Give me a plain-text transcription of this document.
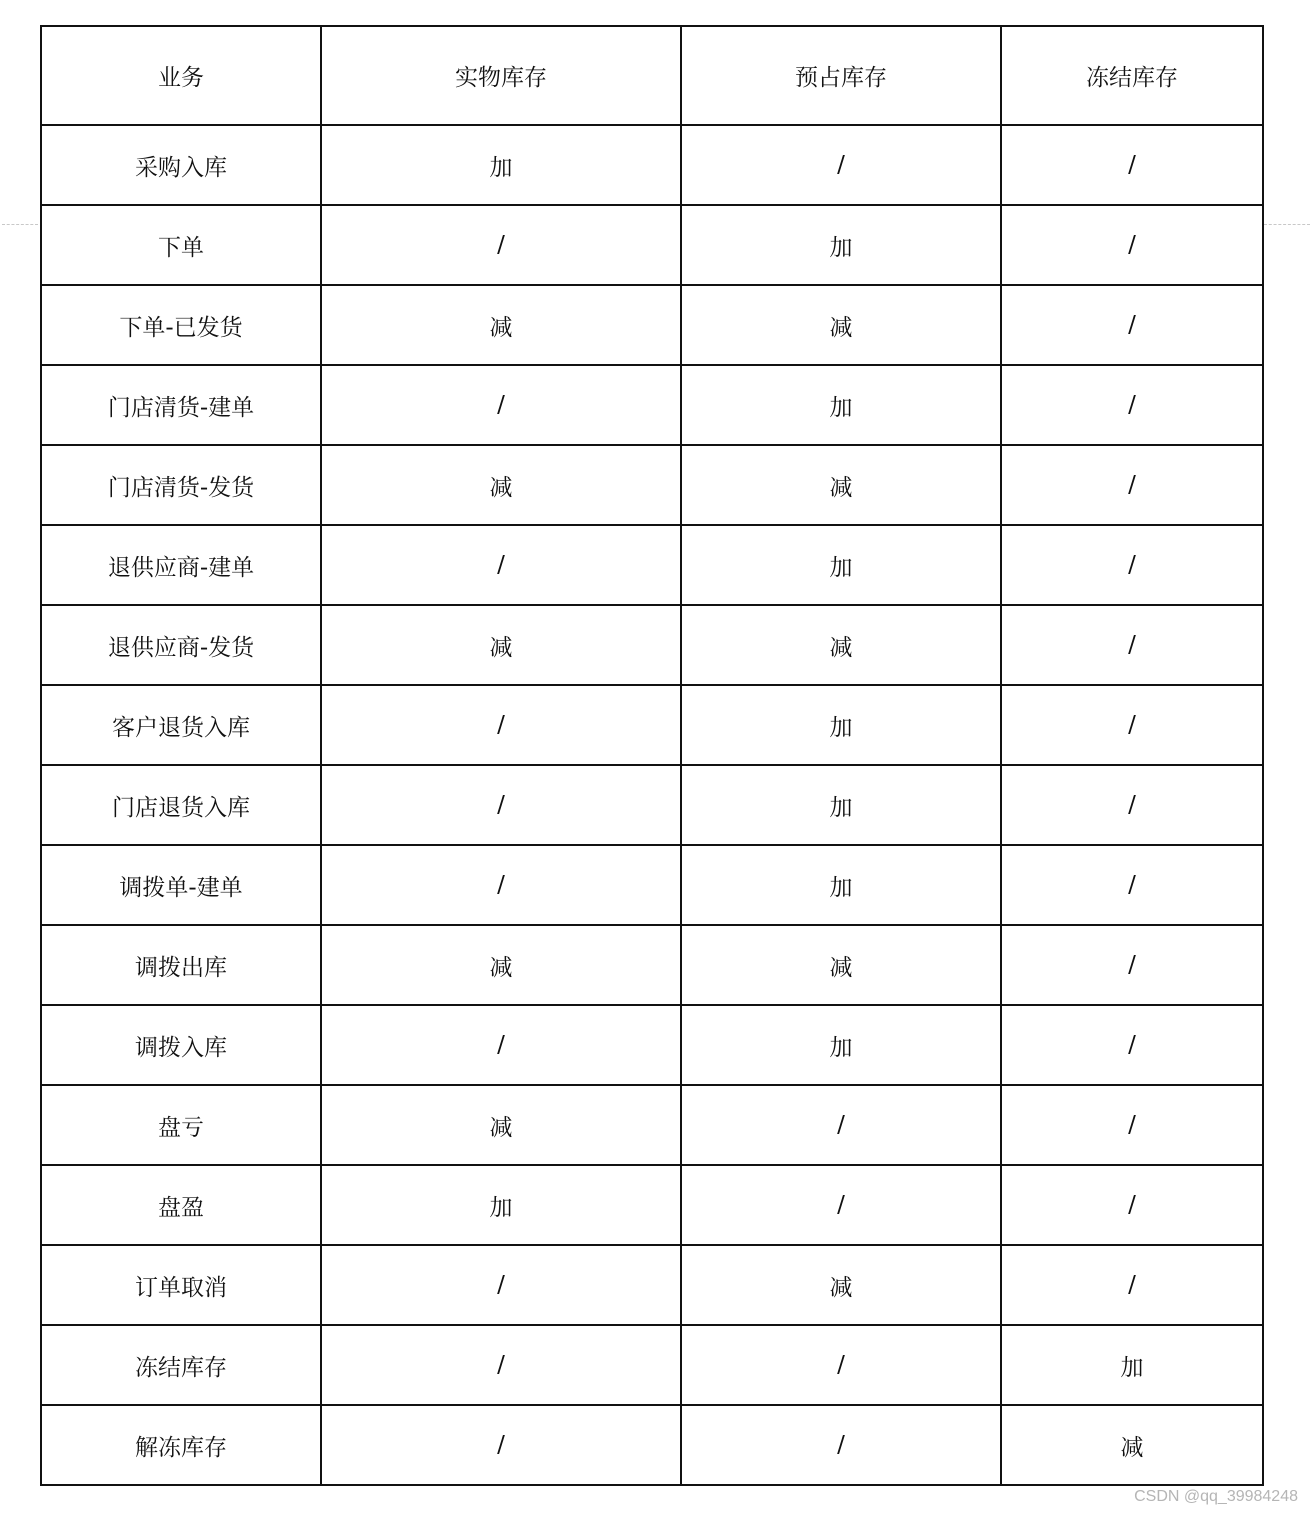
业务	实物库存	预占库存	冻结库存
采购入库	加	/	/
下单	/	加	/
下单-已发货	减	减	/
门店清货-建单	/	加	/
门店清货-发货	减	减	/
退供应商-建单	/	加	/
退供应商-发货	减	减	/
客户退货入库	/	加	/
门店退货入库	/	加	/
调拨单-建单	/	加	/
调拨出库	减	减	/
调拨入库	/	加	/
盘亏	减	/	/
盘盈	加	/	/
订单取消	/	减	/
冻结库存	/	/	加
解冻库存	/	/	减
CSDN @qq_39984248
